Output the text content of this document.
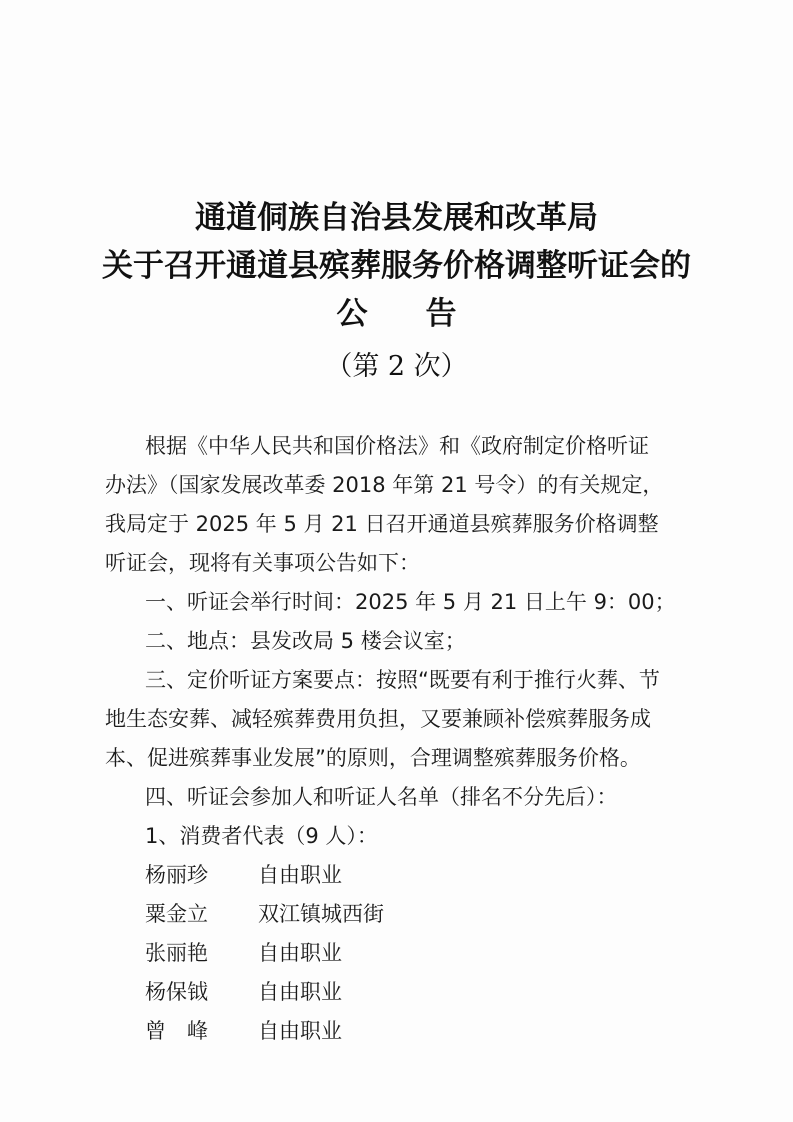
通道侗族自治县发展和改革局
关于召开通道县殡葬服务价格调整听证会的
公告
（第 2 次）
根据《中华人民共和国价格法》和《政府制定价格听证
办法》（国家发展改革委 2018 年第 21 号令）的有关规定，
我局定于 2025 年 5 月 21 日召开通道县殡葬服务价格调整
听证会，现将有关事项公告如下：
一、听证会举行时间：2025 年 5 月 21 日上午 9：00；
二、地点：县发改局 5 楼会议室；
三、定价听证方案要点：按照“既要有利于推行火葬、节
地生态安葬、减轻殡葬费用负担，又要兼顾补偿殡葬服务成
本、促进殡葬事业发展”的原则，合理调整殡葬服务价格。
四、听证会参加人和听证人名单（排名不分先后）：
1、消费者代表（9 人）：
杨丽珍 自由职业
粟金立 双江镇城西街
张丽艳 自由职业
杨保钺 自由职业
曾峰 自由职业
